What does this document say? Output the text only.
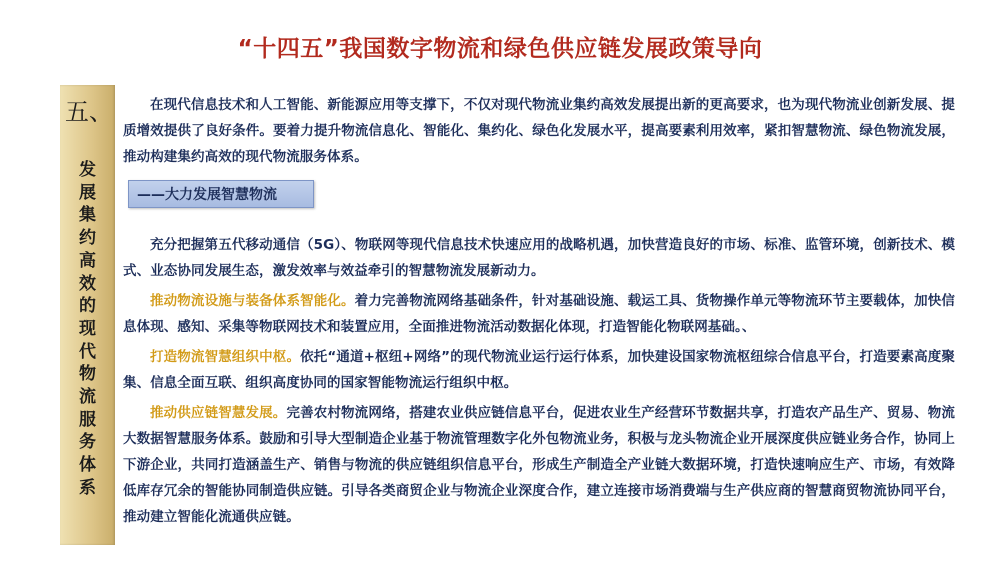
“十四五”我国数字物流和绿色供应链发展政策导向
五、
发展集约高效的现代物流服务体系
在现代信息技术和人工智能、新能源应用等支撑下，不仅对现代物流业集约高效发展提出新的更高要求，也为现代物流业创新发展、提质增效提供了良好条件。要着力提升物流信息化、智能化、集约化、绿色化发展水平，提高要素利用效率，紧扣智慧物流、绿色物流发展，推动构建集约高效的现代物流服务体系。
——大力发展智慧物流
充分把握第五代移动通信（5G）、物联网等现代信息技术快速应用的战略机遇，加快营造良好的市场、标准、监管环境，创新技术、模式、业态协同发展生态，激发效率与效益牵引的智慧物流发展新动力。
推动物流设施与装备体系智能化。着力完善物流网络基础条件，针对基础设施、载运工具、货物操作单元等物流环节主要载体，加快信息体现、感知、采集等物联网技术和装置应用，全面推进物流活动数据化体现，打造智能化物联网基础。、
打造物流智慧组织中枢。依托“通道+枢纽+网络”的现代物流业运行运行体系，加快建设国家物流枢纽综合信息平台，打造要素高度聚集、信息全面互联、组织高度协同的国家智能物流运行组织中枢。
推动供应链智慧发展。完善农村物流网络，搭建农业供应链信息平台，促进农业生产经营环节数据共享，打造农产品生产、贸易、物流大数据智慧服务体系。鼓励和引导大型制造企业基于物流管理数字化外包物流业务，积极与龙头物流企业开展深度供应链业务合作，协同上下游企业，共同打造涵盖生产、销售与物流的供应链组织信息平台，形成生产制造全产业链大数据环境，打造快速响应生产、市场，有效降低库存冗余的智能协同制造供应链。引导各类商贸企业与物流企业深度合作，建立连接市场消费端与生产供应商的智慧商贸物流协同平台，推动建立智能化流通供应链。
